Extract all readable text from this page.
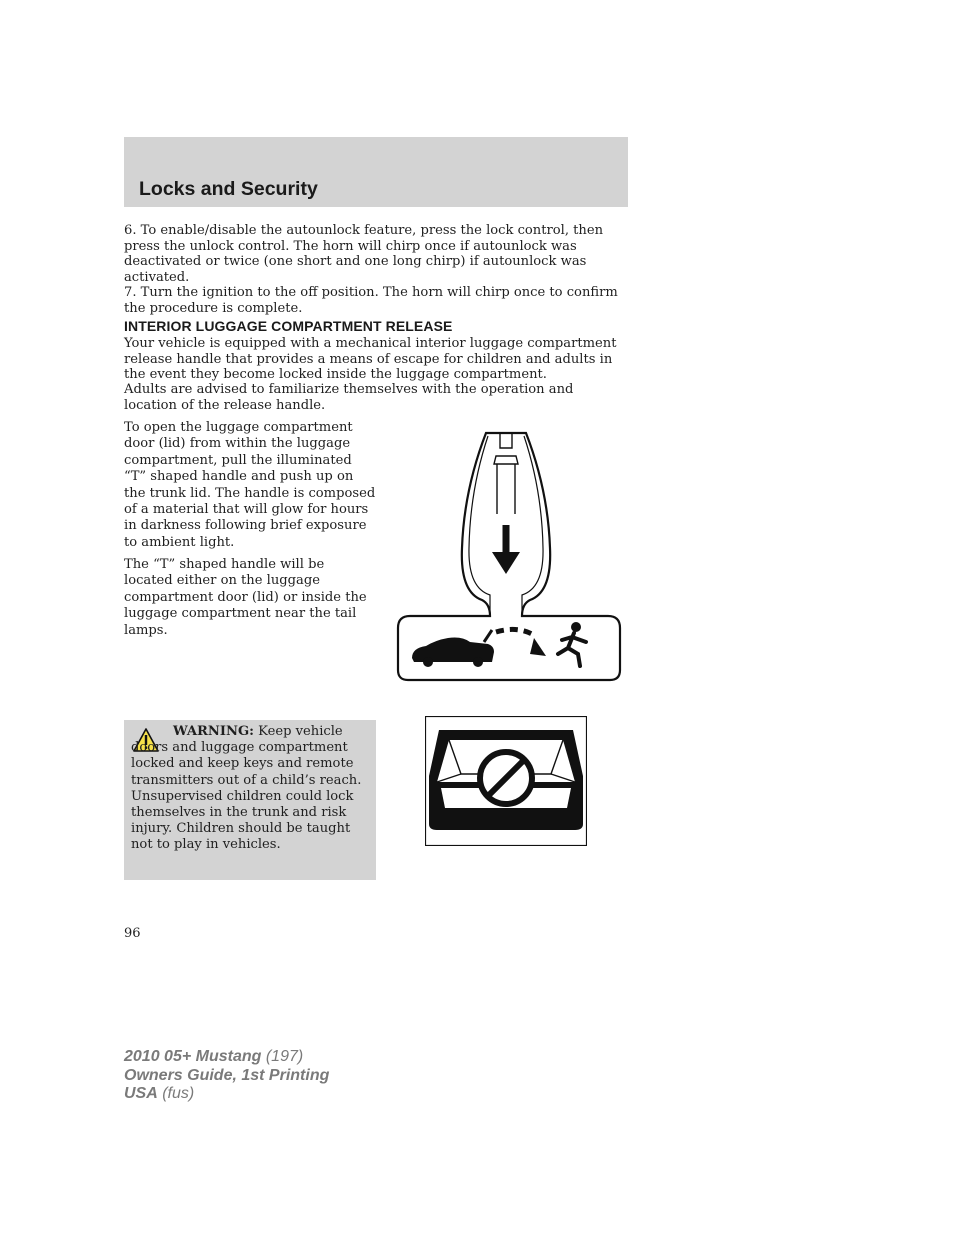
Locks and Security

6. To enable/disable the autounlock feature, press the lock control, then press the unlock control. The horn will chirp once if autounlock was deactivated or twice (one short and one long chirp) if autounlock was activated.

7. Turn the ignition to the off position. The horn will chirp once to confirm the procedure is complete.

INTERIOR LUGGAGE COMPARTMENT RELEASE

Your vehicle is equipped with a mechanical interior luggage compartment release handle that provides a means of escape for children and adults in the event they become locked inside the luggage compartment.

Adults are advised to familiarize themselves with the operation and location of the release handle.

To open the luggage compartment door (lid) from within the luggage compartment, pull the illuminated “T” shaped handle and push up on the trunk lid. The handle is composed of a material that will glow for hours in darkness following brief exposure to ambient light.

The “T” shaped handle will be located either on the luggage compartment door (lid) or inside the luggage compartment near the tail lamps.

WARNING: Keep vehicle doors and luggage compartment locked and keep keys and remote transmitters out of a child’s reach. Unsupervised children could lock themselves in the trunk and risk injury. Children should be taught not to play in vehicles.

96
2010 05+ Mustang (197)
Owners Guide, 1st Printing
USA (fus)
